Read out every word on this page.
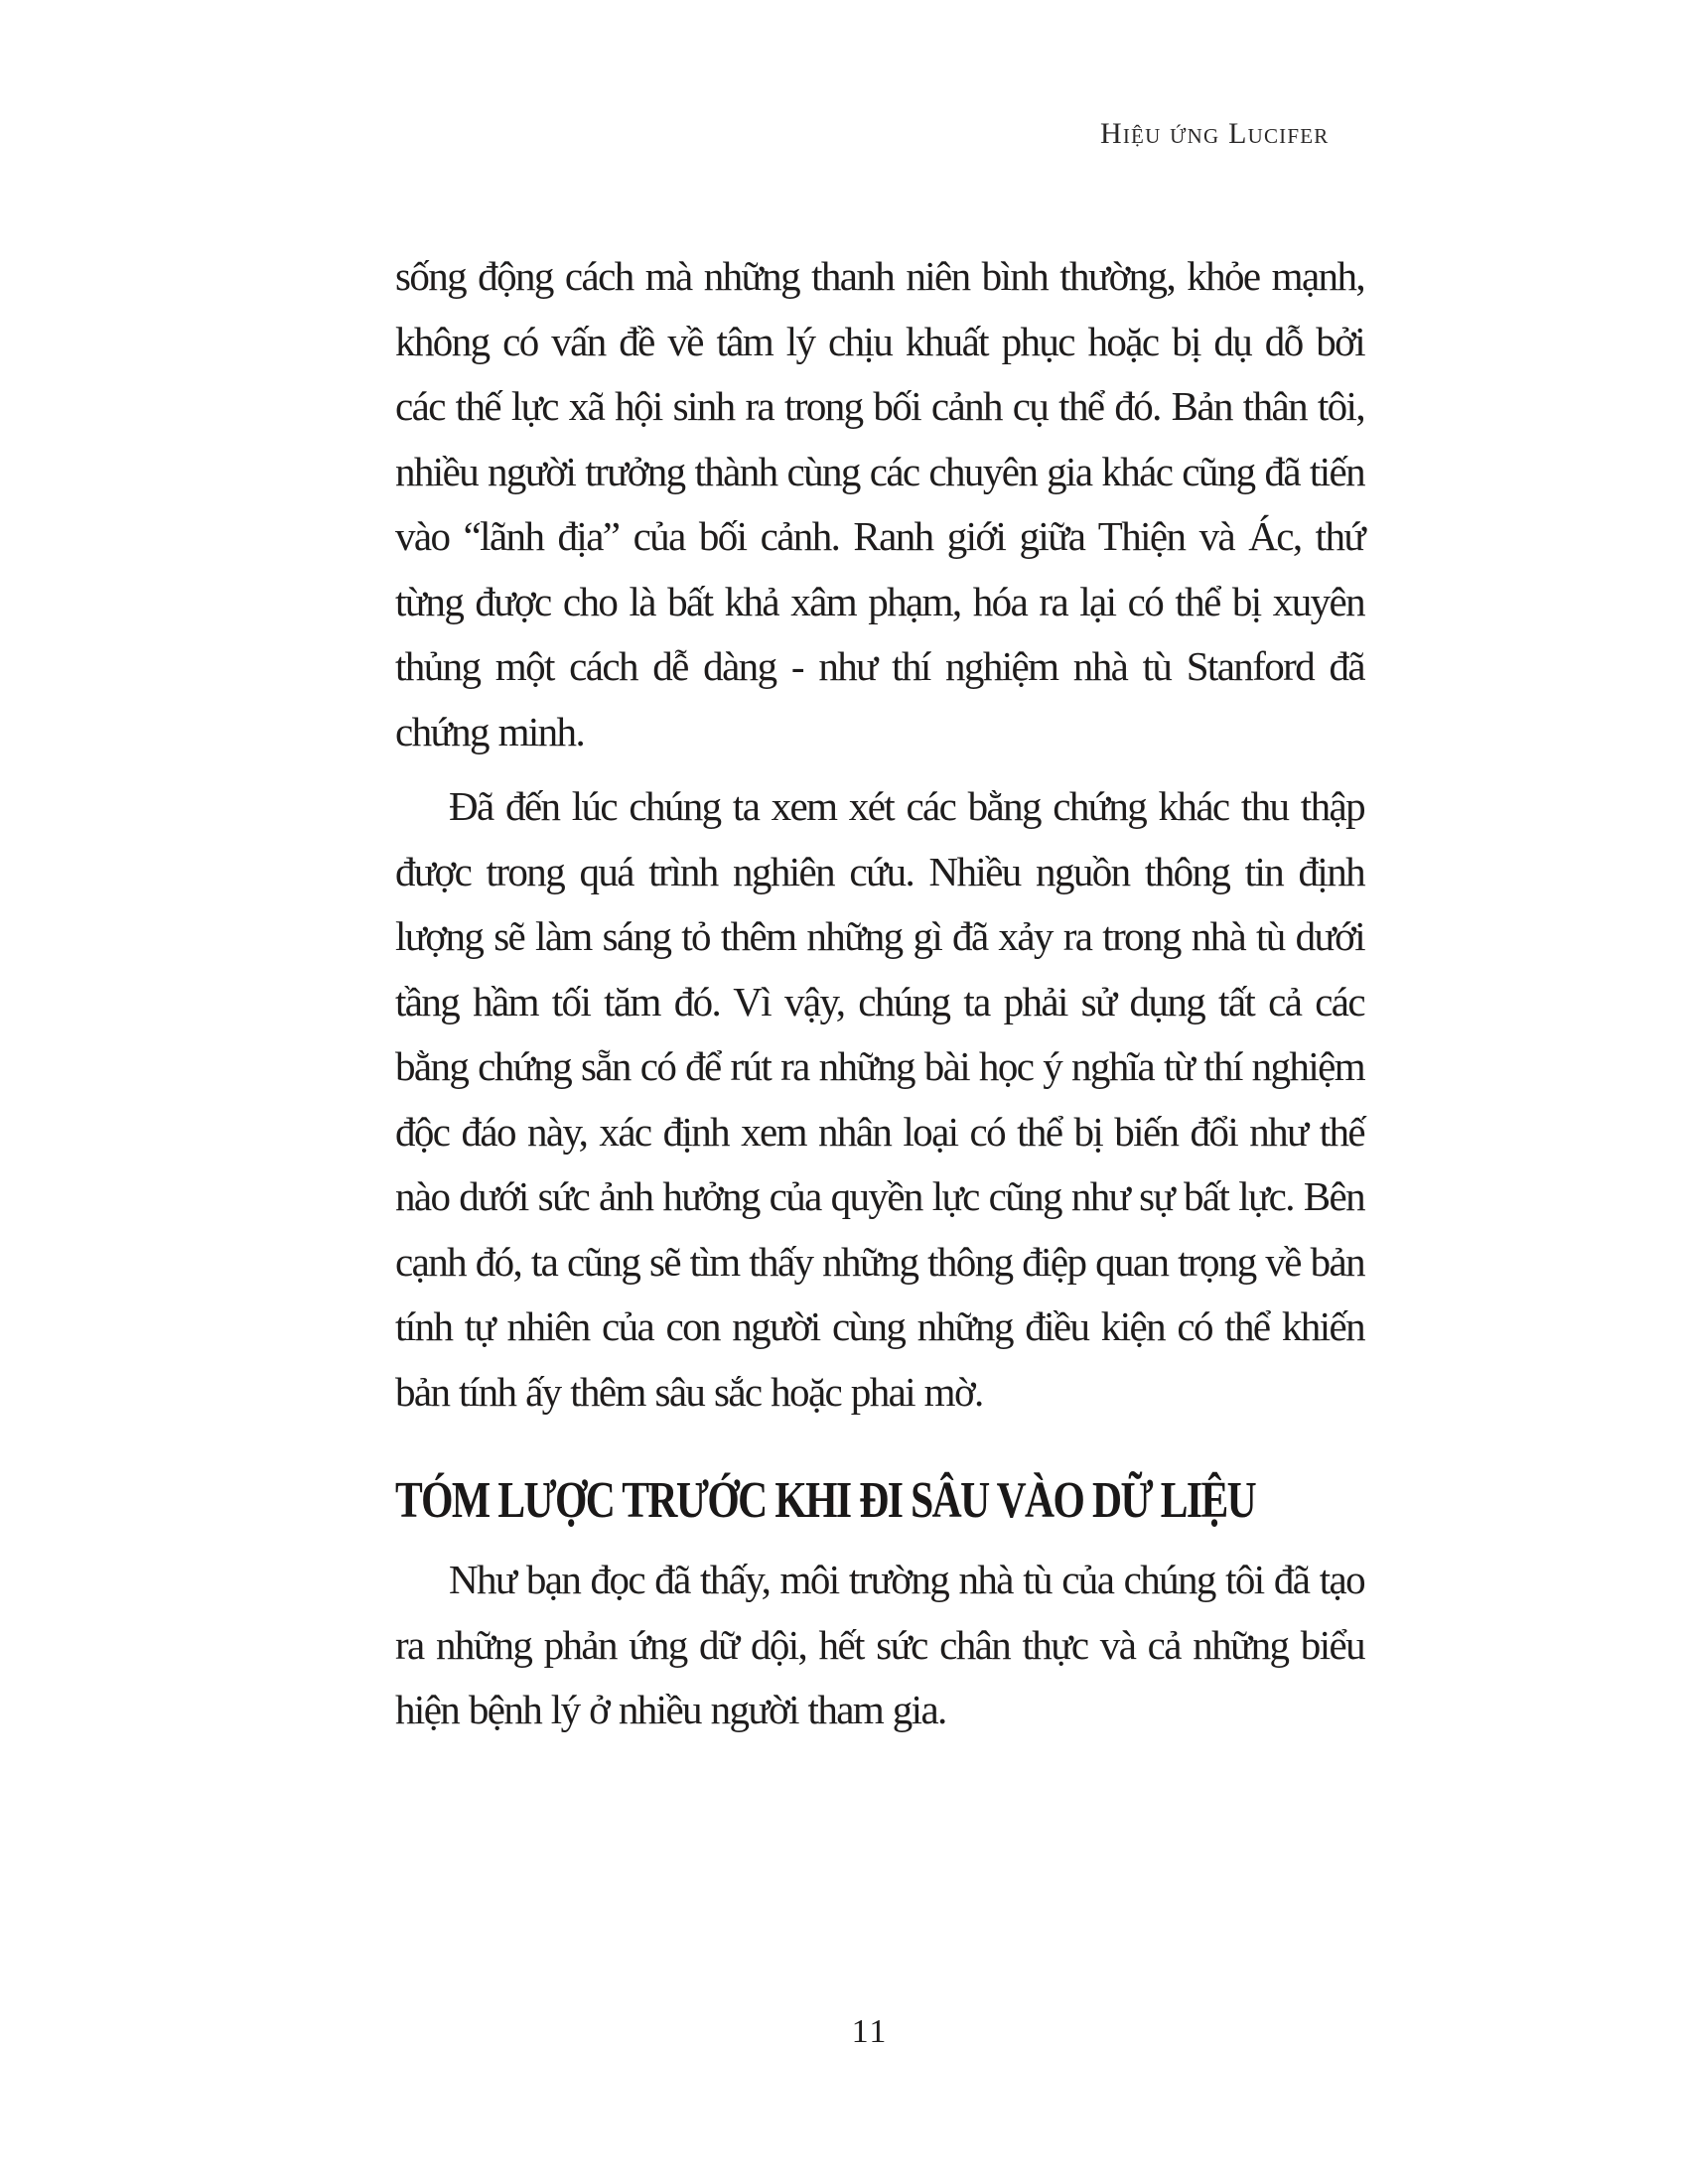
Hiệu ứng Lucifer

sống động cách mà những thanh niên bình thường, khỏe mạnh, không có vấn đề về tâm lý chịu khuất phục hoặc bị dụ dỗ bởi các thế lực xã hội sinh ra trong bối cảnh cụ thể đó. Bản thân tôi, nhiều người trưởng thành cùng các chuyên gia khác cũng đã tiến vào “lãnh địa” của bối cảnh. Ranh giới giữa Thiện và Ác, thứ từng được cho là bất khả xâm phạm, hóa ra lại có thể bị xuyên thủng một cách dễ dàng - như thí nghiệm nhà tù Stanford đã chứng minh.

Đã đến lúc chúng ta xem xét các bằng chứng khác thu thập được trong quá trình nghiên cứu. Nhiều nguồn thông tin định lượng sẽ làm sáng tỏ thêm những gì đã xảy ra trong nhà tù dưới tầng hầm tối tăm đó. Vì vậy, chúng ta phải sử dụng tất cả các bằng chứng sẵn có để rút ra những bài học ý nghĩa từ thí nghiệm độc đáo này, xác định xem nhân loại có thể bị biến đổi như thế nào dưới sức ảnh hưởng của quyền lực cũng như sự bất lực. Bên cạnh đó, ta cũng sẽ tìm thấy những thông điệp quan trọng về bản tính tự nhiên của con người cùng những điều kiện có thể khiến bản tính ấy thêm sâu sắc hoặc phai mờ.

TÓM LƯỢC TRƯỚC KHI ĐI SÂU VÀO DỮ LIỆU

Như bạn đọc đã thấy, môi trường nhà tù của chúng tôi đã tạo ra những phản ứng dữ dội, hết sức chân thực và cả những biểu hiện bệnh lý ở nhiều người tham gia.

11
